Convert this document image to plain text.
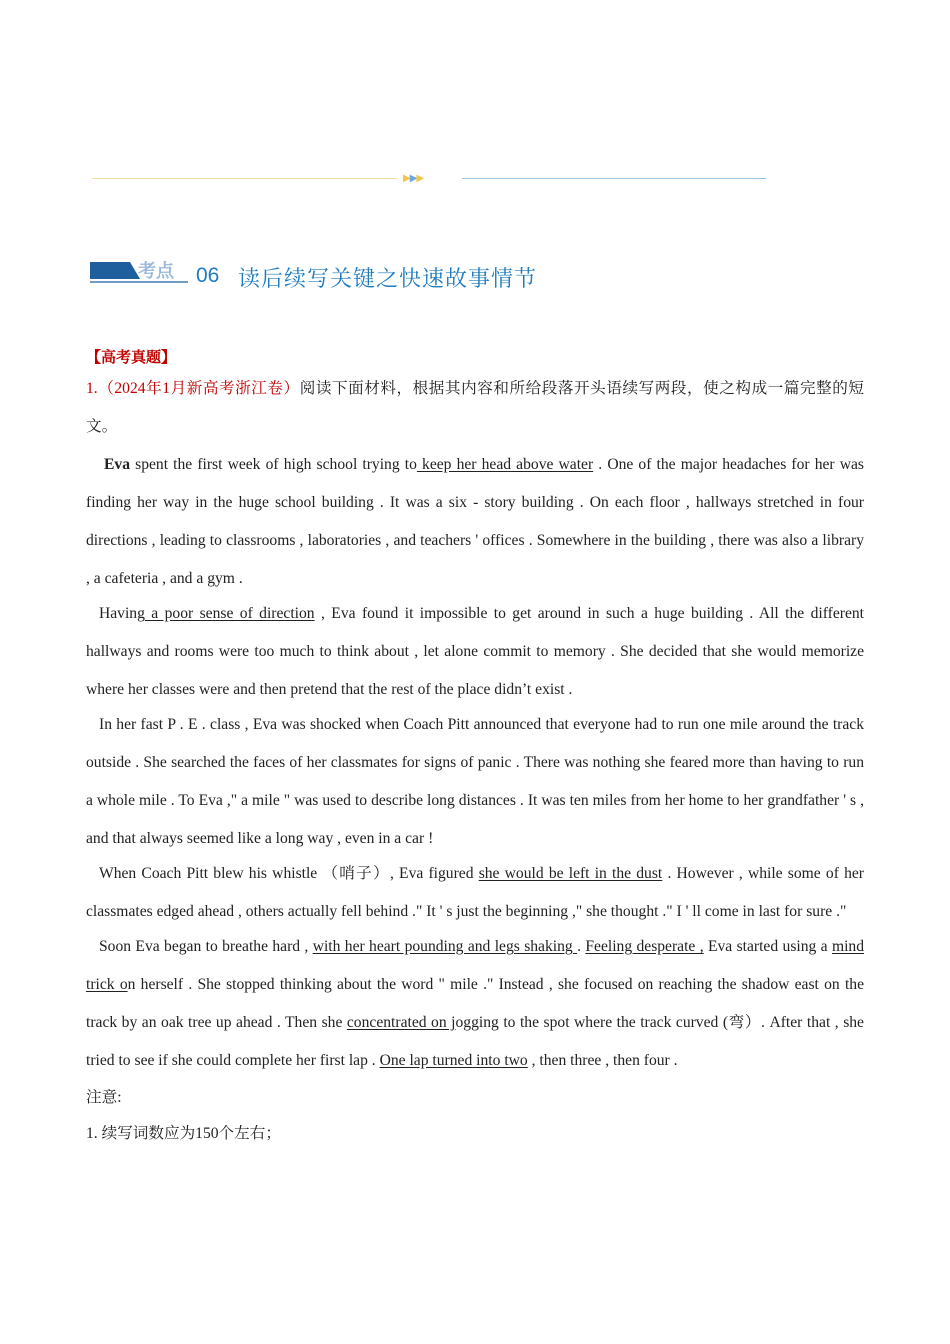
▶▶▶
考点 06 读后续写关键之快速故事情节
【高考真题】
1.（2024年1月新高考浙江卷）阅读下面材料，根据其内容和所给段落开头语续写两段，使之构成一篇完整的短文。
Eva spent the first week of high school trying to keep her head above water . One of the major headaches for her was finding her way in the huge school building . It was a six - story building . On each floor , hallways stretched in four directions , leading to classrooms , laboratories , and teachers ' offices . Somewhere in the building , there was also a library , a cafeteria , and a gym .
Having a poor sense of direction , Eva found it impossible to get around in such a huge building . All the different hallways and rooms were too much to think about , let alone commit to memory . She decided that she would memorize where her classes were and then pretend that the rest of the place didn’t exist .
In her fast P . E . class , Eva was shocked when Coach Pitt announced that everyone had to run one mile around the track outside . She searched the faces of her classmates for signs of panic . There was nothing she feared more than having to run a whole mile . To Eva ," a mile " was used to describe long distances . It was ten miles from her home to her grandfather ' s , and that always seemed like a long way , even in a car !
When Coach Pitt blew his whistle （哨子）, Eva figured she would be left in the dust . However , while some of her classmates edged ahead , others actually fell behind ." It ' s just the beginning ," she thought ." I ' ll come in last for sure ."
Soon Eva began to breathe hard , with her heart pounding and legs shaking . Feeling desperate , Eva started using a mind trick on herself . She stopped thinking about the word " mile ." Instead , she focused on reaching the shadow east on the track by an oak tree up ahead . Then she concentrated on jogging to the spot where the track curved (弯）. After that , she tried to see if she could complete her first lap . One lap turned into two , then three , then four .
注意:
1. 续写词数应为150个左右；
